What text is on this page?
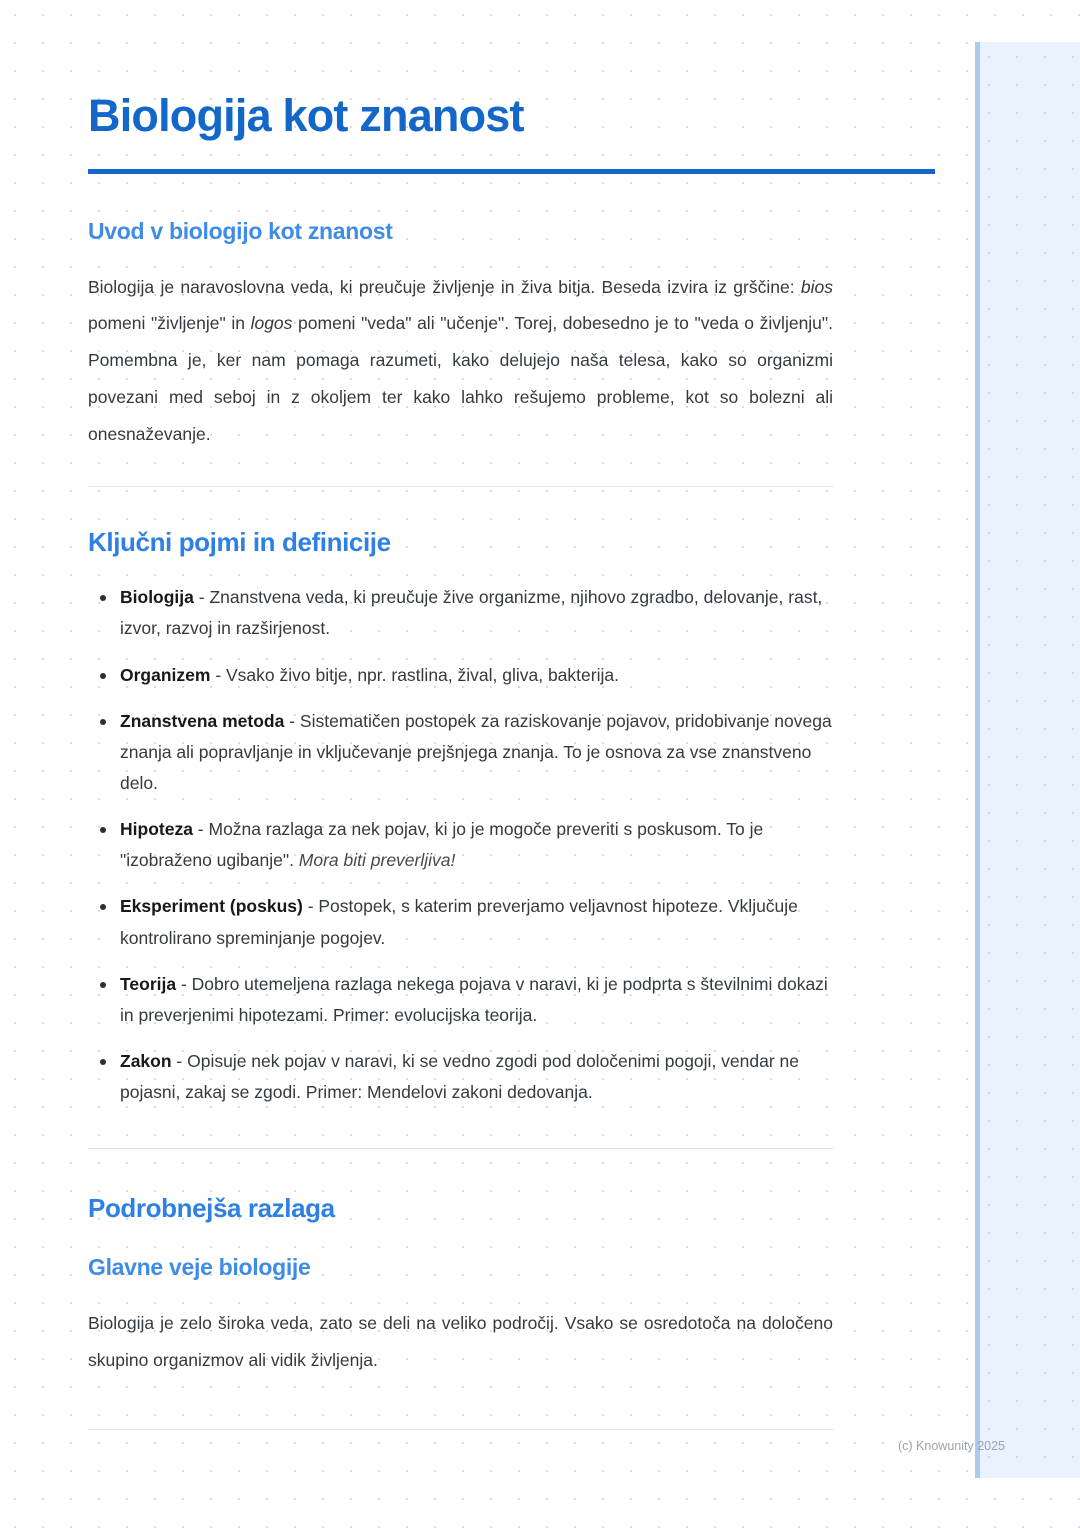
Biologija kot znanost
Uvod v biologijo kot znanost

Biologija je naravoslovna veda, ki preučuje življenje in živa bitja. Beseda izvira iz grščine: bios pomeni "življenje" in logos pomeni "veda" ali "učenje". Torej, dobesedno je to "veda o življenju". Pomembna je, ker nam pomaga razumeti, kako delujejo naša telesa, kako so organizmi povezani med seboj in z okoljem ter kako lahko rešujemo probleme, kot so bolezni ali onesnaževanje.

Ključni pojmi in definicije
Biologija - Znanstvena veda, ki preučuje žive organizme, njihovo zgradbo, delovanje, rast, izvor, razvoj in razširjenost.
Organizem - Vsako živo bitje, npr. rastlina, žival, gliva, bakterija.
Znanstvena metoda - Sistematičen postopek za raziskovanje pojavov, pridobivanje novega znanja ali popravljanje in vključevanje prejšnjega znanja. To je osnova za vse znanstveno delo.
Hipoteza - Možna razlaga za nek pojav, ki jo je mogoče preveriti s poskusom. To je "izobraženo ugibanje". Mora biti preverljiva!
Eksperiment (poskus) - Postopek, s katerim preverjamo veljavnost hipoteze. Vključuje kontrolirano spreminjanje pogojev.
Teorija - Dobro utemeljena razlaga nekega pojava v naravi, ki je podprta s številnimi dokazi in preverjenimi hipotezami. Primer: evolucijska teorija.
Zakon - Opisuje nek pojav v naravi, ki se vedno zgodi pod določenimi pogoji, vendar ne pojasni, zakaj se zgodi. Primer: Mendelovi zakoni dedovanja.
Podrobnejša razlaga
Glavne veje biologije

Biologija je zelo široka veda, zato se deli na veliko področij. Vsako se osredotoča na določeno skupino organizmov ali vidik življenja.

(c) Knowunity 2025
